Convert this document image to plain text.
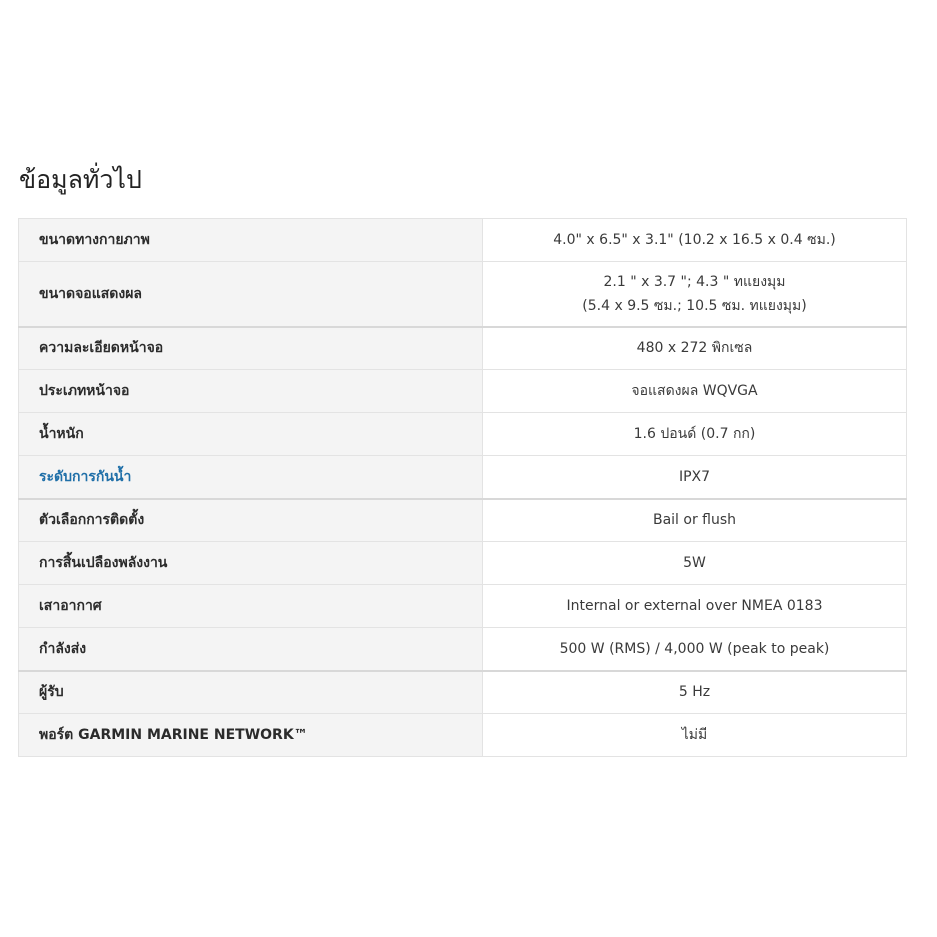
ข้อมูลทั่วไป
ขนาดทางกายภาพ	4.0" x 6.5" x 3.1" (10.2 x 16.5 x 0.4 ซม.)

ขนาดจอแสดงผล	2.1 " x 3.7 "; 4.3 " ทแยงมุม
(5.4 x 9.5 ซม.; 10.5 ซม. ทแยงมุม)

ความละเอียดหน้าจอ	480 x 272 พิกเซล

ประเภทหน้าจอ	จอแสดงผล WQVGA

น้ำหนัก	1.6 ปอนด์ (0.7 กก)

ระดับการกันน้ำ	IPX7

ตัวเลือกการติดตั้ง	Bail or flush

การสิ้นเปลืองพลังงาน	5W

เสาอากาศ	Internal or external over NMEA 0183

กำลังส่ง	500 W (RMS) / 4,000 W (peak to peak)

ผู้รับ	5 Hz

พอร์ต GARMIN MARINE NETWORK™	ไม่มี
